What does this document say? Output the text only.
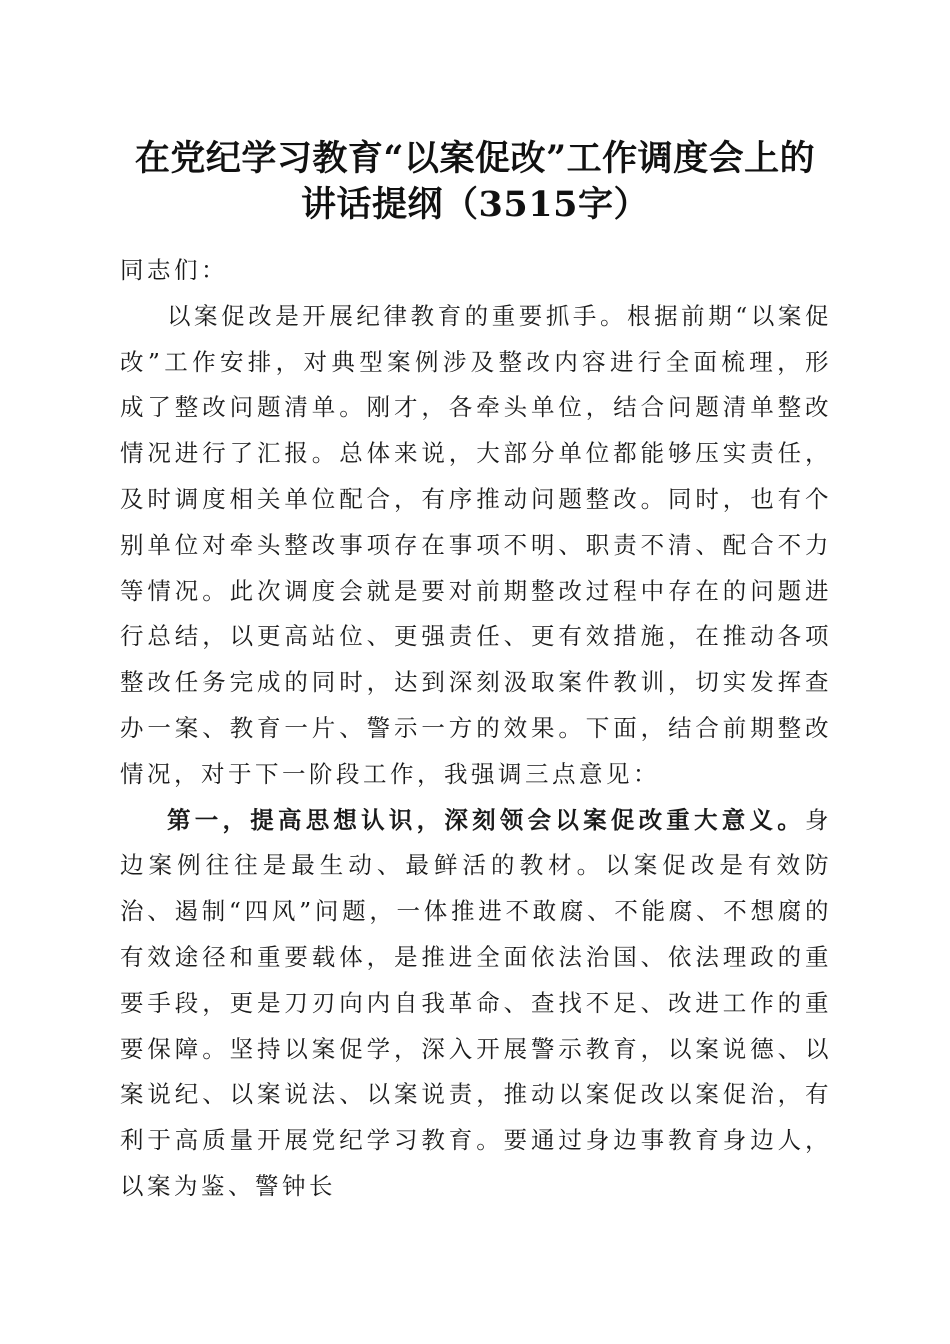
在党纪学习教育“以案促改”工作调度会上的
讲话提纲（3515字）

同志们：

以案促改是开展纪律教育的重要抓手。根据前期“以案促改”工作安排，对典型案例涉及整改内容进行全面梳理，形成了整改问题清单。刚才，各牵头单位，结合问题清单整改情况进行了汇报。总体来说，大部分单位都能够压实责任，及时调度相关单位配合，有序推动问题整改。同时，也有个别单位对牵头整改事项存在事项不明、职责不清、配合不力等情况。此次调度会就是要对前期整改过程中存在的问题进行总结，以更高站位、更强责任、更有效措施，在推动各项整改任务完成的同时，达到深刻汲取案件教训，切实发挥查办一案、教育一片、警示一方的效果。下面，结合前期整改情况，对于下一阶段工作，我强调三点意见：

第一，提高思想认识，深刻领会以案促改重大意义。身边案例往往是最生动、最鲜活的教材。以案促改是有效防治、遏制“四风”问题，一体推进不敢腐、不能腐、不想腐的有效途径和重要载体，是推进全面依法治国、依法理政的重要手段，更是刀刃向内自我革命、查找不足、改进工作的重要保障。坚持以案促学，深入开展警示教育，以案说德、以案说纪、以案说法、以案说责，推动以案促改以案促治，有利于高质量开展党纪学习教育。要通过身边事教育身边人，以案为鉴、警钟长
